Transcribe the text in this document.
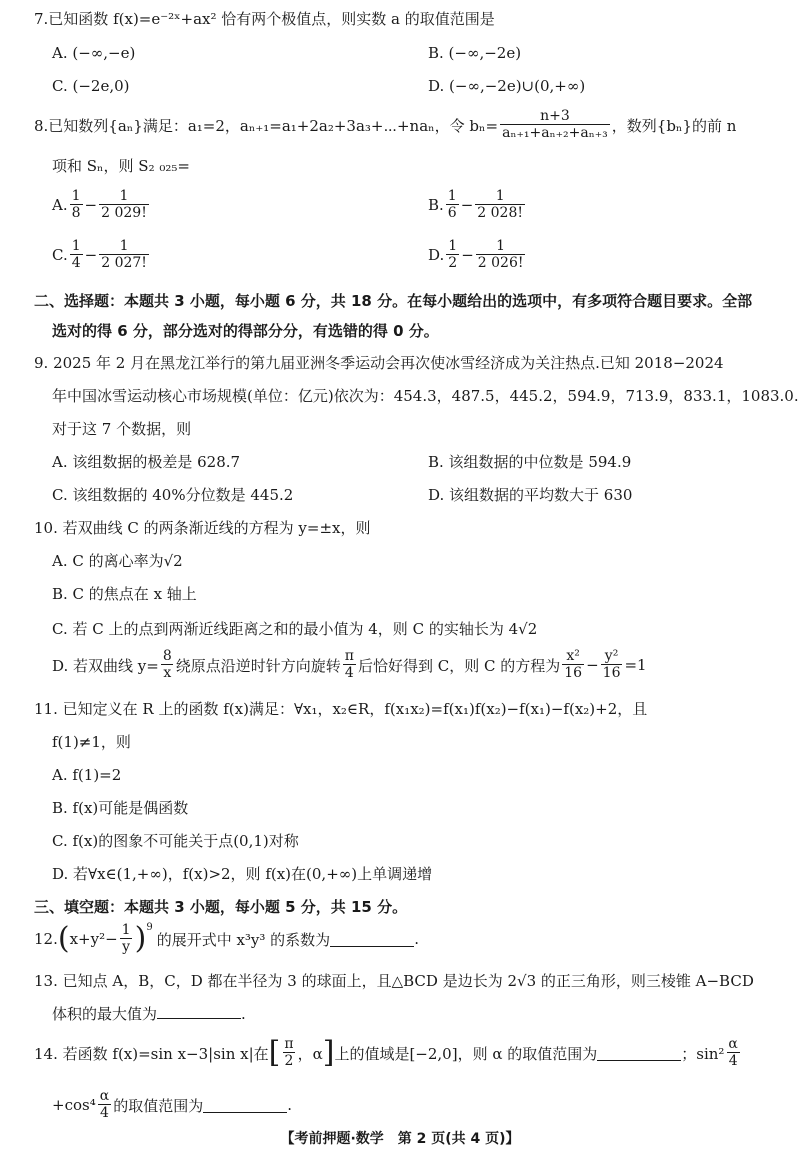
7.已知函数 f(x)=e⁻²ˣ+ax² 恰有两个极值点，则实数 a 的取值范围是
A. (−∞,−e)	B. (−∞,−2e)
C. (−2e,0)	D. (−∞,−2e)∪(0,+∞)
8.已知数列{aₙ}满足：a₁=2，aₙ₊₁=a₁+2a₂+3a₃+⋯+naₙ，令 $b_n= \frac{n+3}{\text{aₙ₊₁+aₙ₊₂+aₙ₊₃}}$ ，数列{bₙ}的前 n
项和 Sₙ，则 S₂ ₀₂₅=
A. $\frac{1}{8} - \frac{1}{2 029!}$	B. $\frac{1}{6} - \frac{1}{2 028!}$
C. $\frac{1}{4} - \frac{1}{2 027!}$	D. $\frac{1}{2} - \frac{1}{2 026!}$
二、选择题：本题共 3 小题，每小题 6 分，共 18 分。在每小题给出的选项中，有多项符合题目要求。全部
选对的得 6 分，部分选对的得部分分，有选错的得 0 分。
9. 2025 年 2 月在黑龙江举行的第九届亚洲冬季运动会再次使冰雪经济成为关注热点.已知 2018−2024
年中国冰雪运动核心市场规模(单位：亿元)依次为：454.3，487.5，445.2，594.9，713.9，833.1，1083.0.
对于这 7 个数据，则
A. 该组数据的极差是 628.7	B. 该组数据的中位数是 594.9
C. 该组数据的 40%分位数是 445.2	D. 该组数据的平均数大于 630
10. 若双曲线 C 的两条渐近线的方程为 y=±x，则
A. C 的离心率为√2
B. C 的焦点在 x 轴上
C. 若 C 上的点到两渐近线距离之和的最小值为 4，则 C 的实轴长为 4√2
D. 若双曲线 $y= \frac{8}{x}$ 绕原点沿逆时针方向旋转 $\frac{\pi}{4}$ 后恰好得到 C，则 C 的方程为 $\frac{\text{x²}}{16} - \frac{\text{y²}}{16} =1$
11. 已知定义在 R 上的函数 f(x)满足：∀x₁，x₂∈R，f(x₁x₂)=f(x₁)f(x₂)−f(x₁)−f(x₂)+2，且
f(1)≠1，则
A. f(1)=2
B. f(x)可能是偶函数
C. f(x)的图象不可能关于点(0,1)对称
D. 若∀x∈(1,+∞)，f(x)>2，则 f(x)在(0,+∞)上单调递增
三、填空题：本题共 3 小题，每小题 5 分，共 15 分。
12. ( $x+y^2- \frac{1}{y} )^9$
的展开式中 x³y³ 的系数为	.
13. 已知点 A，B，C，D 都在半径为 3 的球面上，且△BCD 是边长为 2√3 的正三角形，则三棱锥 A−BCD
体积的最大值为	.
14. 若函数 f(x)=sin x−3|sin x|在 [ $\frac{\pi}{2}$ ，α ] 上的值域是[−2,0]，则 α 的取值范围为	；$\sin^2 \frac{\alpha}{4}$
$+\cos^4 \frac{\alpha}{4}$ 的取值范围为	.
【考前押题·数学　第 2 页(共 4 页)】
